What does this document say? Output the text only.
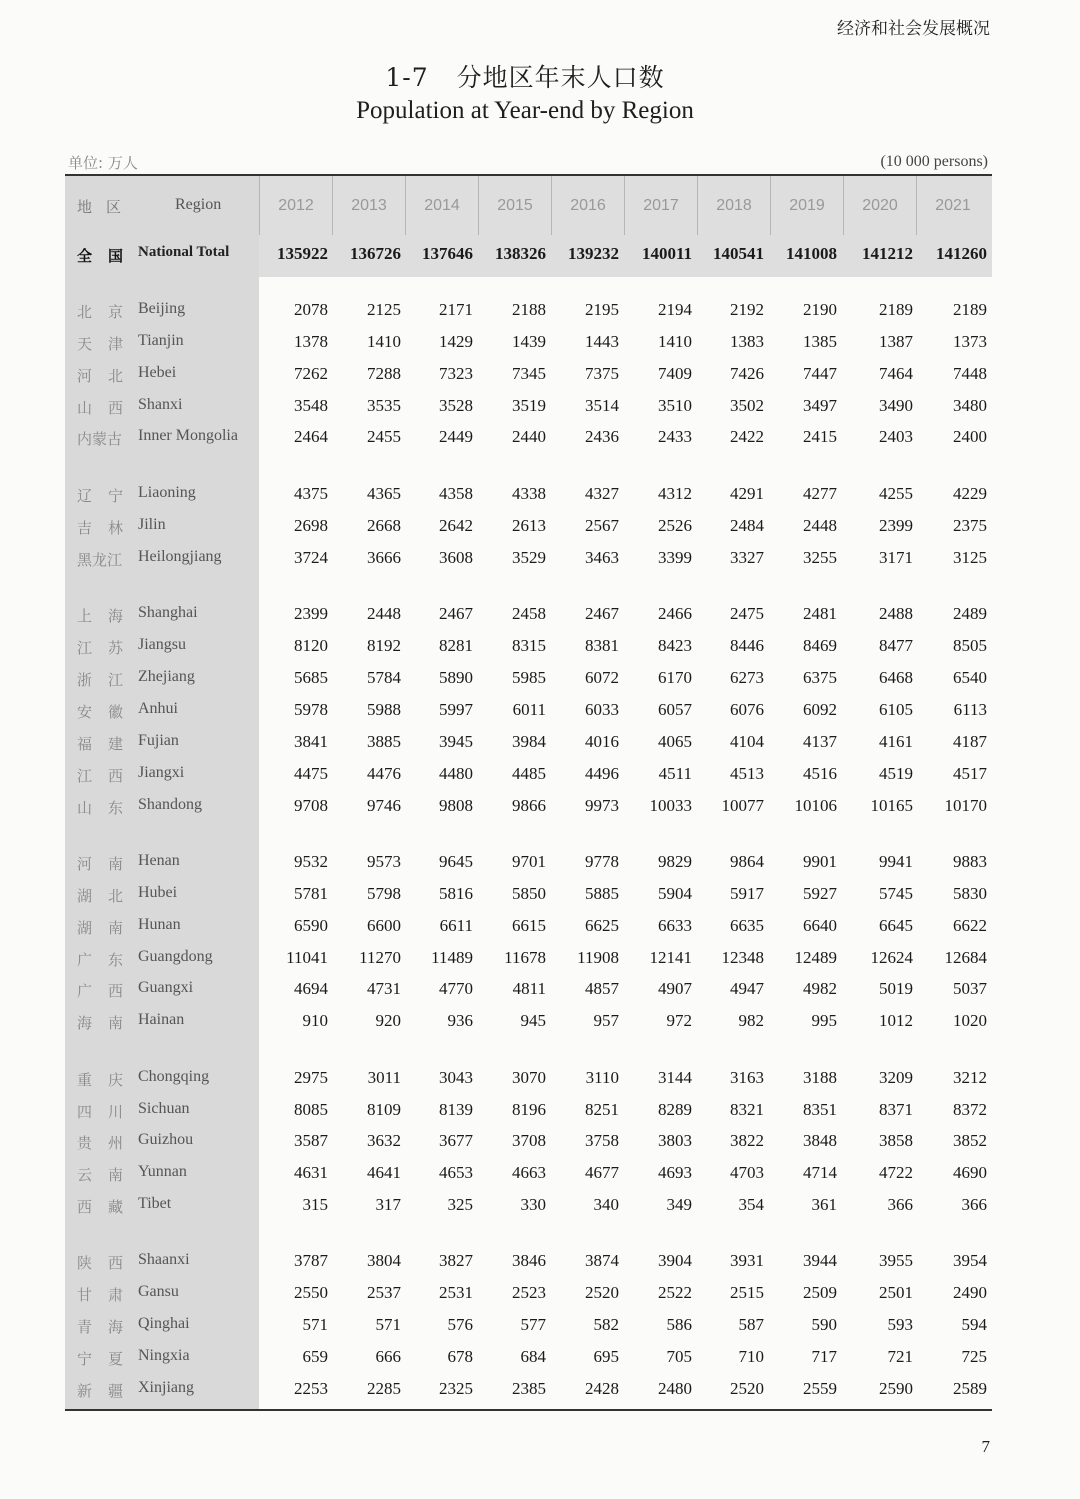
经济和社会发展概况
1-7 分地区年末人口数
Population at Year-end by Region
单位: 万人	(10 000 persons)
地 区	Region	2012	2013	2014	2015	2016	2017	2018	2019	2020	2021
全 国 National Total	135922	136726	137646	138326	139232	140011	140541	141008	141212	141260
北 京 Beijing	2078	2125	2171	2188	2195	2194	2192	2190	2189	2189
天 津 Tianjin	1378	1410	1429	1439	1443	1410	1383	1385	1387	1373
河 北 Hebei	7262	7288	7323	7345	7375	7409	7426	7447	7464	7448
山 西 Shanxi	3548	3535	3528	3519	3514	3510	3502	3497	3490	3480
内蒙古 Inner Mongolia	2464	2455	2449	2440	2436	2433	2422	2415	2403	2400
辽 宁 Liaoning	4375	4365	4358	4338	4327	4312	4291	4277	4255	4229
吉 林 Jilin	2698	2668	2642	2613	2567	2526	2484	2448	2399	2375
黑龙江 Heilongjiang	3724	3666	3608	3529	3463	3399	3327	3255	3171	3125
上 海 Shanghai	2399	2448	2467	2458	2467	2466	2475	2481	2488	2489
江 苏 Jiangsu	8120	8192	8281	8315	8381	8423	8446	8469	8477	8505
浙 江 Zhejiang	5685	5784	5890	5985	6072	6170	6273	6375	6468	6540
安 徽 Anhui	5978	5988	5997	6011	6033	6057	6076	6092	6105	6113
福 建 Fujian	3841	3885	3945	3984	4016	4065	4104	4137	4161	4187
江 西 Jiangxi	4475	4476	4480	4485	4496	4511	4513	4516	4519	4517
山 东 Shandong	9708	9746	9808	9866	9973	10033	10077	10106	10165	10170
河 南 Henan	9532	9573	9645	9701	9778	9829	9864	9901	9941	9883
湖 北 Hubei	5781	5798	5816	5850	5885	5904	5917	5927	5745	5830
湖 南 Hunan	6590	6600	6611	6615	6625	6633	6635	6640	6645	6622
广 东 Guangdong	11041	11270	11489	11678	11908	12141	12348	12489	12624	12684
广 西 Guangxi	4694	4731	4770	4811	4857	4907	4947	4982	5019	5037
海 南 Hainan	910	920	936	945	957	972	982	995	1012	1020
重 庆 Chongqing	2975	3011	3043	3070	3110	3144	3163	3188	3209	3212
四 川 Sichuan	8085	8109	8139	8196	8251	8289	8321	8351	8371	8372
贵 州 Guizhou	3587	3632	3677	3708	3758	3803	3822	3848	3858	3852
云 南 Yunnan	4631	4641	4653	4663	4677	4693	4703	4714	4722	4690
西 藏 Tibet	315	317	325	330	340	349	354	361	366	366
陕 西 Shaanxi	3787	3804	3827	3846	3874	3904	3931	3944	3955	3954
甘 肃 Gansu	2550	2537	2531	2523	2520	2522	2515	2509	2501	2490
青 海 Qinghai	571	571	576	577	582	586	587	590	593	594
宁 夏 Ningxia	659	666	678	684	695	705	710	717	721	725
新 疆 Xinjiang	2253	2285	2325	2385	2428	2480	2520	2559	2590	2589
7
